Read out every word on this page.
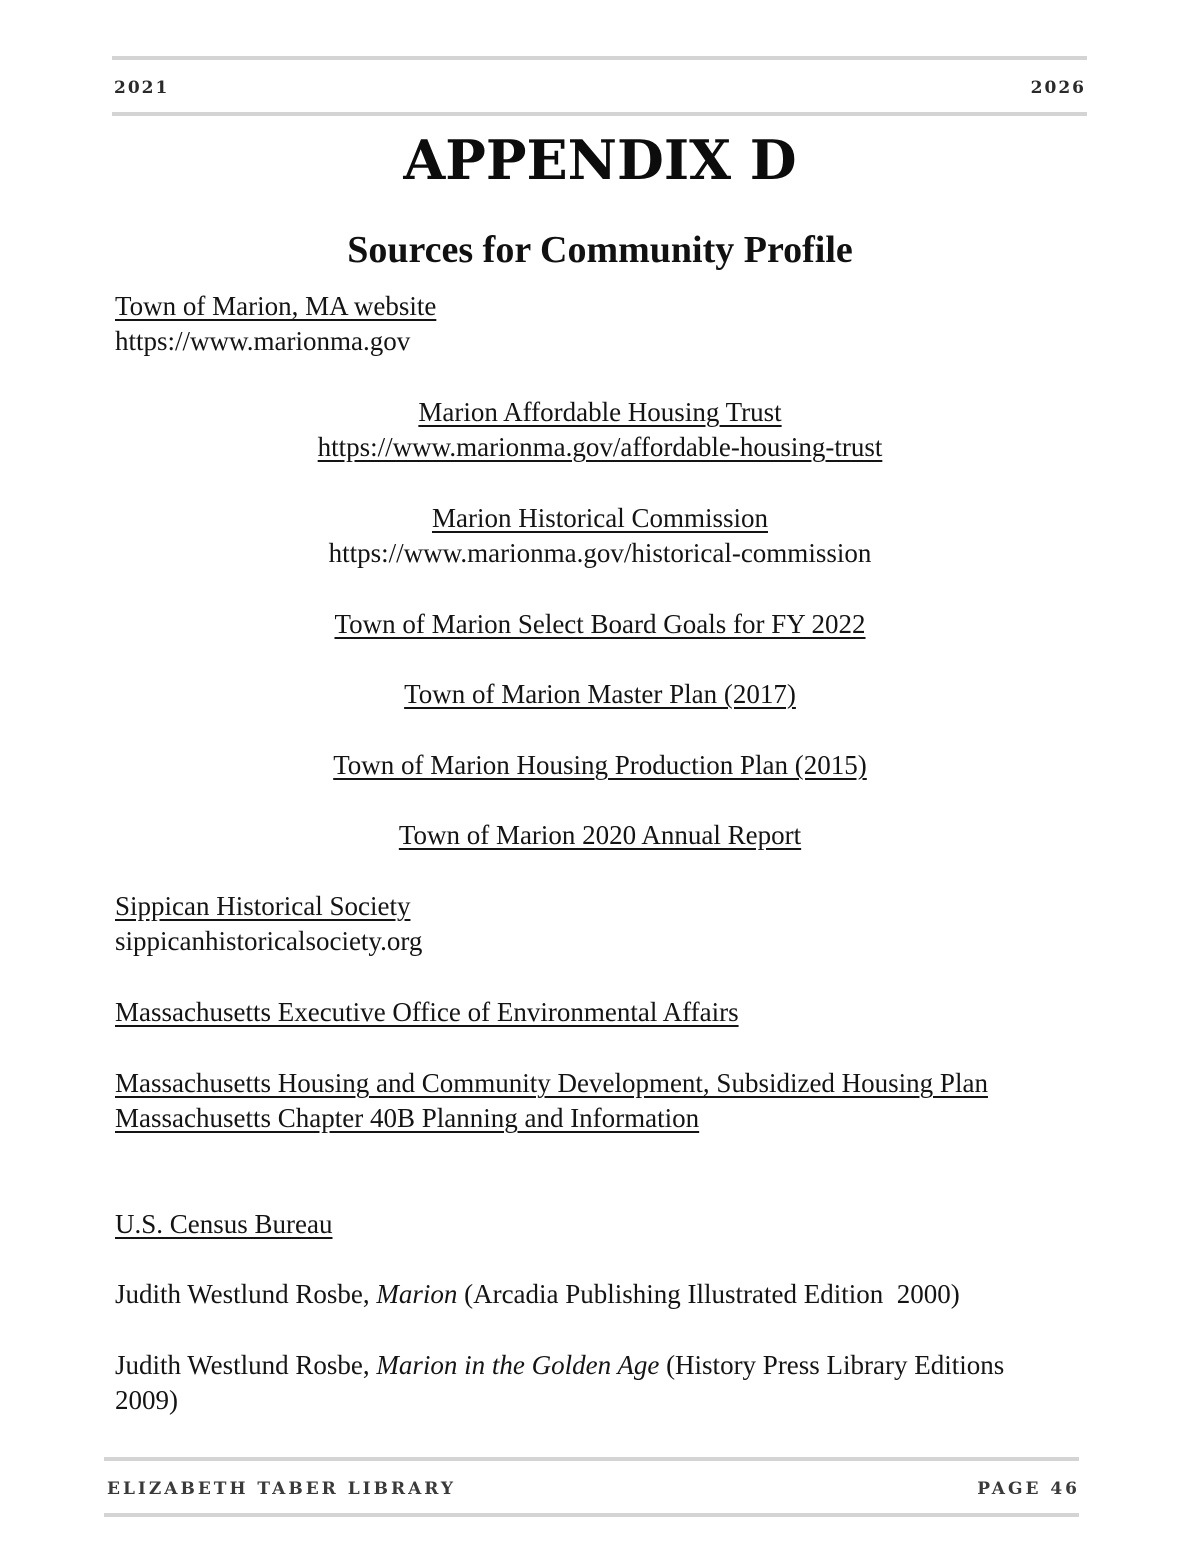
2021	2026
APPENDIX D
Sources for Community Profile
Town of Marion, MA website
https://www.marionma.gov
Marion Affordable Housing Trust
https://www.marionma.gov/affordable-housing-trust
Marion Historical Commission
https://www.marionma.gov/historical-commission
Town of Marion Select Board Goals for FY 2022
Town of Marion Master Plan (2017)
Town of Marion Housing Production Plan (2015)
Town of Marion 2020 Annual Report
Sippican Historical Society
sippicanhistoricalsociety.org
Massachusetts Executive Office of Environmental Affairs
Massachusetts Housing and Community Development, Subsidized Housing Plan
Massachusetts Chapter 40B Planning and Information
U.S. Census Bureau
Judith Westlund Rosbe, Marion (Arcadia Publishing Illustrated Edition  2000)
Judith Westlund Rosbe, Marion in the Golden Age (History Press Library Editions  2009)
ELIZABETH TABER LIBRARY	PAGE 46
